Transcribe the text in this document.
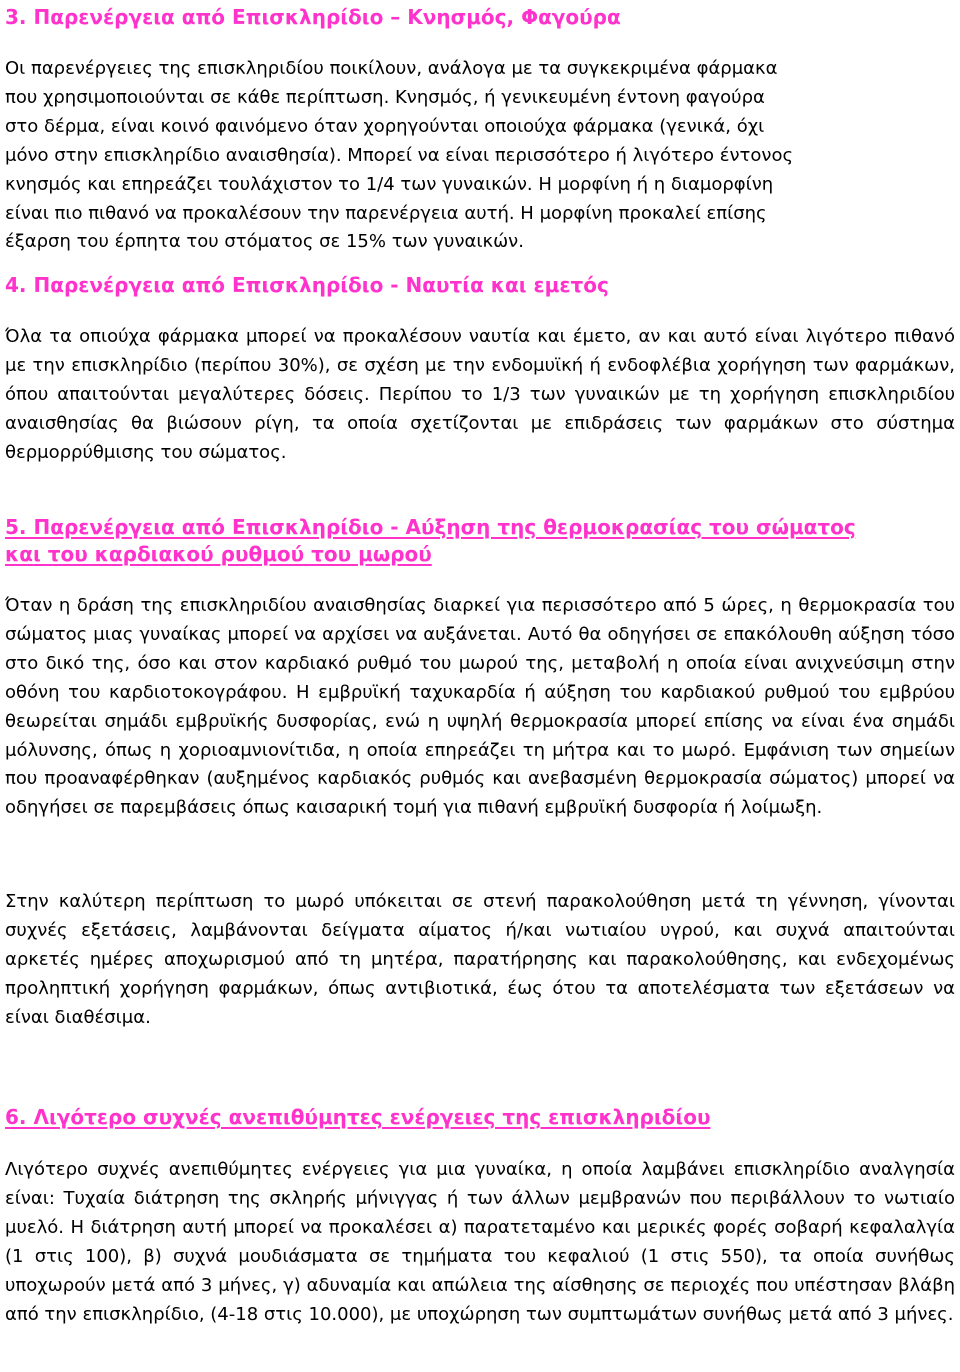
3. Παρενέργεια από Επισκληρίδιο – Κνησμός, Φαγούρα

Οι παρενέργειες της επισκληριδίου ποικίλουν, ανάλογα με τα συγκεκριμένα φάρμακα
που χρησιμοποιούνται σε κάθε περίπτωση. Κνησμός, ή γενικευμένη έντονη φαγούρα
στο δέρμα, είναι κοινό φαινόμενο όταν χορηγούνται οποιούχα φάρμακα (γενικά, όχι
μόνο στην επισκληρίδιο αναισθησία). Μπορεί να είναι περισσότερο ή λιγότερο έντονος
κνησμός και επηρεάζει τουλάχιστον το 1/4 των γυναικών. Η μορφίνη ή η διαμορφίνη
είναι πιο πιθανό να προκαλέσουν την παρενέργεια αυτή. Η μορφίνη προκαλεί επίσης
έξαρση του έρπητα του στόματος σε 15% των γυναικών.

4. Παρενέργεια από Επισκληρίδιο - Ναυτία και εμετός

Όλα τα οπιούχα φάρμακα μπορεί να προκαλέσουν ναυτία και έμετο, αν και αυτό είναι λιγότερο πιθανό με την επισκληρίδιο (περίπου 30%), σε σχέση με την ενδομυϊκή ή ενδοφλέβια χορήγηση των φαρμάκων, όπου απαιτούνται μεγαλύτερες δόσεις. Περίπου το 1/3 των γυναικών με τη χορήγηση επισκληριδίου αναισθησίας θα βιώσουν ρίγη, τα οποία σχετίζονται με επιδράσεις των φαρμάκων στο σύστημα θερμορρύθμισης του σώματος.

5. Παρενέργεια από Επισκληρίδιο - Αύξηση της θερμοκρασίας του σώματος
και του καρδιακού ρυθμού του μωρού

Όταν η δράση της επισκληριδίου αναισθησίας διαρκεί για περισσότερο από 5 ώρες, η θερμοκρασία του σώματος μιας γυναίκας μπορεί να αρχίσει να αυξάνεται. Αυτό θα οδηγήσει σε επακόλουθη αύξηση τόσο στο δικό της, όσο και στον καρδιακό ρυθμό του μωρού της, μεταβολή η οποία είναι ανιχνεύσιμη στην οθόνη του καρδιοτοκογράφου. Η εμβρυϊκή ταχυκαρδία ή αύξηση του καρδιακού ρυθμού του εμβρύου θεωρείται σημάδι εμβρυϊκής δυσφορίας, ενώ η υψηλή θερμοκρασία μπορεί επίσης να είναι ένα σημάδι μόλυνσης, όπως η χοριοαμνιονίτιδα, η οποία επηρεάζει τη μήτρα και το μωρό. Εμφάνιση των σημείων που προαναφέρθηκαν (αυξημένος καρδιακός ρυθμός και ανεβασμένη θερμοκρασία σώματος) μπορεί να οδηγήσει σε παρεμβάσεις όπως καισαρική τομή για πιθανή εμβρυϊκή δυσφορία ή λοίμωξη.

Στην καλύτερη περίπτωση το μωρό υπόκειται σε στενή παρακολούθηση μετά τη γέννηση, γίνονται συχνές εξετάσεις, λαμβάνονται δείγματα αίματος ή/και νωτιαίου υγρού, και συχνά απαιτούνται αρκετές ημέρες αποχωρισμού από τη μητέρα, παρατήρησης και παρακολούθησης, και ενδεχομένως προληπτική χορήγηση φαρμάκων, όπως αντιβιοτικά, έως ότου τα αποτελέσματα των εξετάσεων να είναι διαθέσιμα.

6. Λιγότερο συχνές ανεπιθύμητες ενέργειες της επισκληριδίου

Λιγότερο συχνές ανεπιθύμητες ενέργειες για μια γυναίκα, η οποία λαμβάνει επισκληρίδιο αναλγησία είναι: Τυχαία διάτρηση της σκληρής μήνιγγας ή των άλλων μεμβρανών που περιβάλλουν το νωτιαίο μυελό. Η διάτρηση αυτή μπορεί να προκαλέσει α) παρατεταμένο και μερικές φορές σοβαρή κεφαλαλγία (1 στις 100), β) συχνά μουδιάσματα σε τημήματα του κεφαλιού (1 στις 550), τα οποία συνήθως υποχωρούν μετά από 3 μήνες, γ) αδυναμία και απώλεια της αίσθησης σε περιοχές που υπέστησαν βλάβη από την επισκληρίδιο, (4-18 στις 10.000), με υποχώρηση των συμπτωμάτων συνήθως μετά από 3 μήνες.
